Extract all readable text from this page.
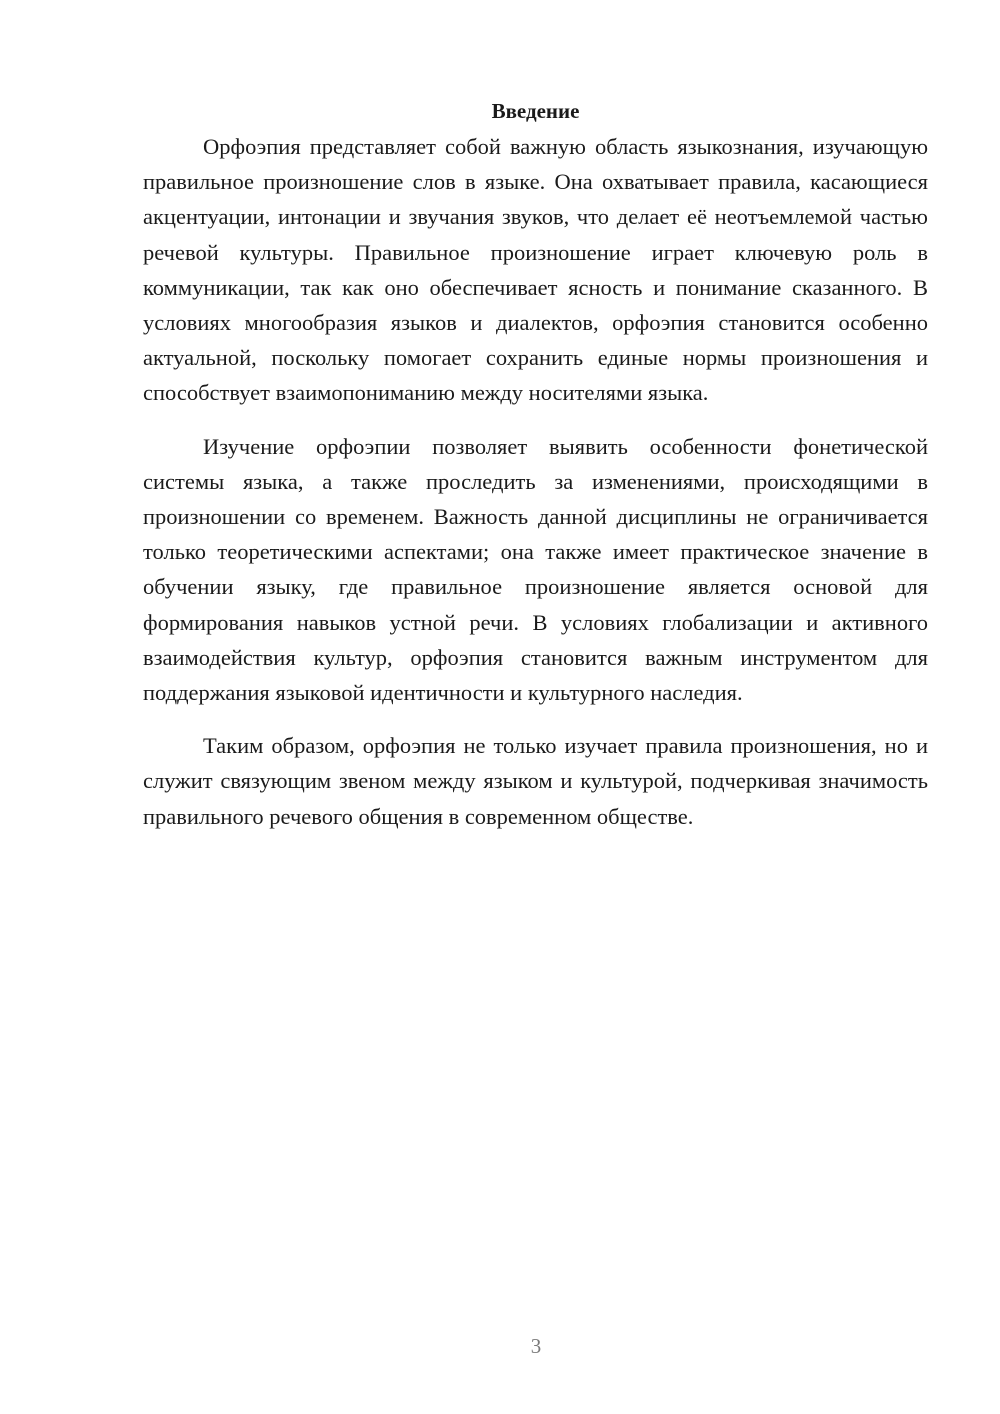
Введение

Орфоэпия представляет собой важную область языкознания, изучающую правильное произношение слов в языке. Она охватывает правила, касающиеся акцентуации, интонации и звучания звуков, что делает её неотъемлемой частью речевой культуры. Правильное произношение играет ключевую роль в коммуникации, так как оно обеспечивает ясность и понимание сказанного. В условиях многообразия языков и диалектов, орфоэпия становится особенно актуальной, поскольку помогает сохранить единые нормы произношения и способствует взаимопониманию между носителями языка.

Изучение орфоэпии позволяет выявить особенности фонетической системы языка, а также проследить за изменениями, происходящими в произношении со временем. Важность данной дисциплины не ограничивается только теоретическими аспектами; она также имеет практическое значение в обучении языку, где правильное произношение является основой для формирования навыков устной речи. В условиях глобализации и активного взаимодействия культур, орфоэпия становится важным инструментом для поддержания языковой идентичности и культурного наследия.

Таким образом, орфоэпия не только изучает правила произношения, но и служит связующим звеном между языком и культурой, подчеркивая значимость правильного речевого общения в современном обществе.

3
